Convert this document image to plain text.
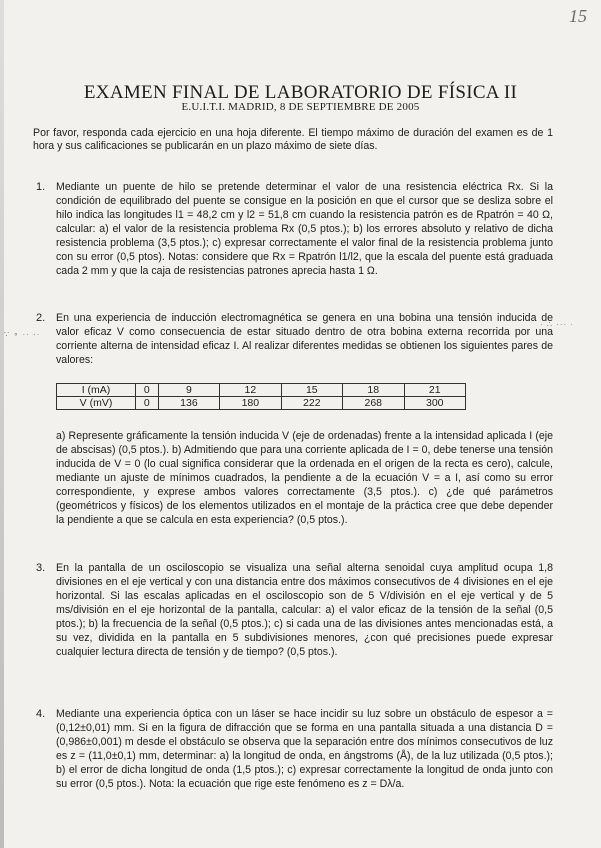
15
EXAMEN FINAL DE LABORATORIO DE FÍSICA II
E.U.I.T.I. MADRID, 8 DE SEPTIEMBRE DE 2005
Por favor, responda cada ejercicio en una hoja diferente. El tiempo máximo de duración del examen es de 1 hora y sus calificaciones se publicarán en un plazo máximo de siete días.
1. Mediante un puente de hilo se pretende determinar el valor de una resistencia eléctrica Rx. Si la condición de equilibrado del puente se consigue en la posición en que el cursor que se desliza sobre el hilo indica las longitudes l1 = 48,2 cm y l2 = 51,8 cm cuando la resistencia patrón es de Rpatrón = 40 Ω, calcular: a) el valor de la resistencia problema Rx (0,5 ptos.); b) los errores absoluto y relativo de dicha resistencia problema (3,5 ptos.); c) expresar correctamente el valor final de la resistencia problema junto con su error (0,5 ptos). Notas: considere que Rx = Rpatrón l1/l2, que la escala del puente está graduada cada 2 mm y que la caja de resistencias patrones aprecia hasta 1 Ω.

2. En una experiencia de inducción electromagnética se genera en una bobina una tensión inducida de valor eficaz V como consecuencia de estar situado dentro de otra bobina externa recorrida por una corriente alterna de intensidad eficaz I. Al realizar diferentes medidas se obtienen los siguientes pares de valores:

I (mA)	0	9	12	15	18	21
V (mV)	0	136	180	222	268	300

a) Represente gráficamente la tensión inducida V (eje de ordenadas) frente a la intensidad aplicada I (eje de abscisas) (0,5 ptos.). b) Admitiendo que para una corriente aplicada de I = 0, debe tenerse una tensión inducida de V = 0 (lo cual significa considerar que la ordenada en el origen de la recta es cero), calcule, mediante un ajuste de mínimos cuadrados, la pendiente a de la ecuación V = a I, así como su error correspondiente, y exprese ambos valores correctamente (3,5 ptos.). c) ¿de qué parámetros (geométricos y físicos) de los elementos utilizados en el montaje de la práctica cree que debe depender la pendiente a que se calcula en esta experiencia? (0,5 ptos.).

3. En la pantalla de un osciloscopio se visualiza una señal alterna senoidal cuya amplitud ocupa 1,8 divisiones en el eje vertical y con una distancia entre dos máximos consecutivos de 4 divisiones en el eje horizontal. Si las escalas aplicadas en el osciloscopio son de 5 V/división en el eje vertical y de 5 ms/división en el eje horizontal de la pantalla, calcular: a) el valor eficaz de la tensión de la señal (0,5 ptos.); b) la frecuencia de la señal (0,5 ptos.); c) si cada una de las divisiones antes mencionadas está, a su vez, dividida en la pantalla en 5 subdivisiones menores, ¿con qué precisiones puede expresar cualquier lectura directa de tensión y de tiempo? (0,5 ptos.).

4. Mediante una experiencia óptica con un láser se hace incidir su luz sobre un obstáculo de espesor a = (0,12±0,01) mm. Si en la figura de difracción que se forma en una pantalla situada a una distancia D = (0,986±0,001) m desde el obstáculo se observa que la separación entre dos mínimos consecutivos de luz es z = (11,0±0,1) mm, determinar: a) la longitud de onda, en ángstroms (Å), de la luz utilizada (0,5 ptos.); b) el error de dicha longitud de onda (1,5 ptos.); c) expresar correctamente la longitud de onda junto con su error (0,5 ptos.). Nota: la ecuación que rige este fenómeno es z = Dλ/a.

∵ ∘ ·· ··
· ∴ ··· ·
